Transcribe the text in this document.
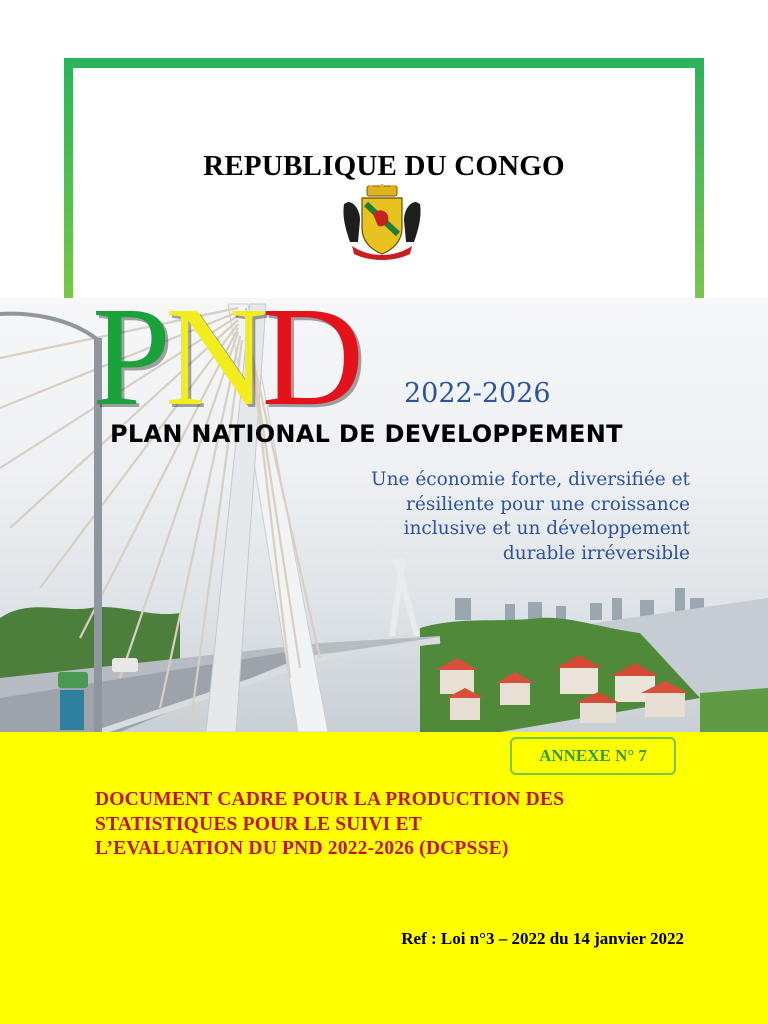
REPUBLIQUE DU CONGO
PND 2022-2026
PLAN NATIONAL DE DEVELOPPEMENT
Une économie forte, diversifiée et
résiliente pour une croissance
inclusive et un développement
durable irréversible
ANNEXE N° 7
DOCUMENT CADRE POUR LA PRODUCTION DES
STATISTIQUES POUR LE SUIVI ET
L’EVALUATION DU PND 2022-2026 (DCPSSE)
Ref : Loi n°3 – 2022 du 14 janvier 2022
